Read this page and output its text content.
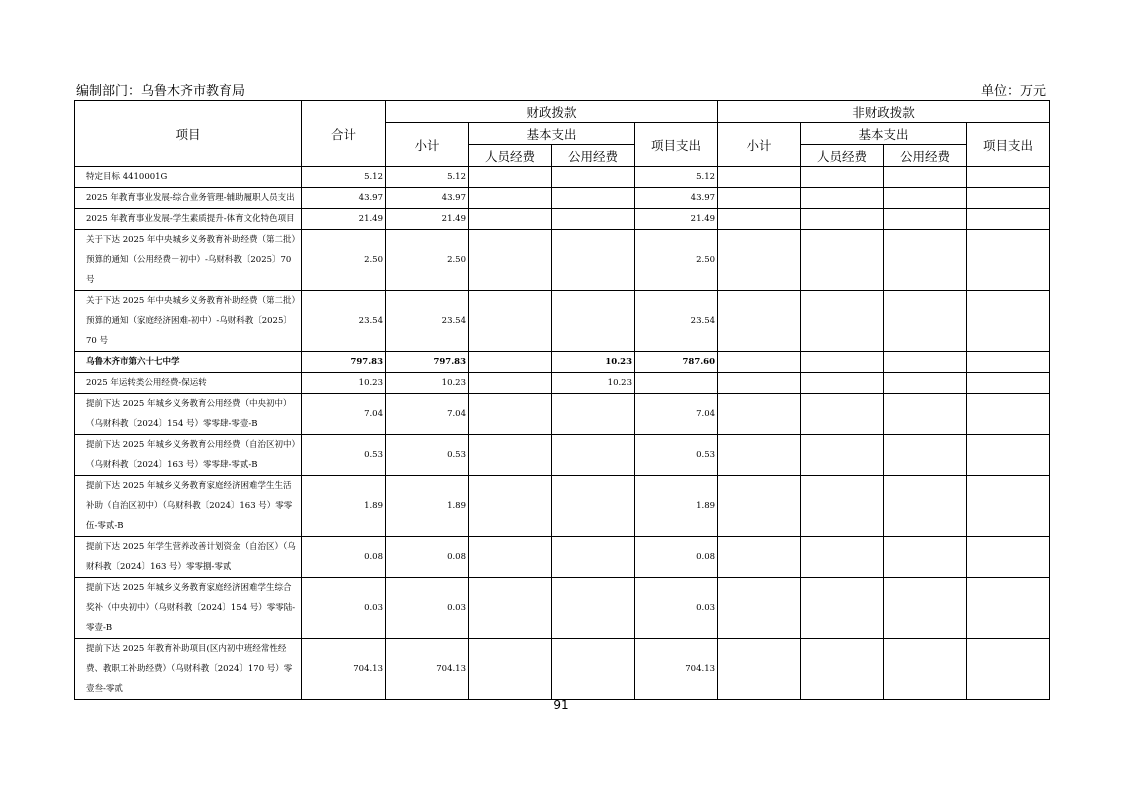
编制部门：乌鲁木齐市教育局	单位：万元
项目	合计	财政拨款				非财政拨款			
		小计	基本支出		项目支出	小计	基本支出		项目支出
			人员经费	公用经费			人员经费	公用经费	
特定目标 4410001G	5.12	5.12			5.12				
2025 年教育事业发展-综合业务管理-辅助履职人员支出	43.97	43.97			43.97				
2025 年教育事业发展-学生素质提升-体育文化特色项目	21.49	21.49			21.49				
关于下达 2025 年中央城乡义务教育补助经费（第二批）预算的通知（公用经费－初中）-乌财科教〔2025〕70 号	2.50	2.50			2.50				
关于下达 2025 年中央城乡义务教育补助经费（第二批）预算的通知（家庭经济困难-初中）-乌财科教〔2025〕70 号	23.54	23.54			23.54				
乌鲁木齐市第六十七中学	797.83	797.83		10.23	787.60				
2025 年运转类公用经费-保运转	10.23	10.23		10.23					
提前下达 2025 年城乡义务教育公用经费（中央初中）（乌财科教〔2024〕154 号）零零肆-零壹-B	7.04	7.04			7.04				
提前下达 2025 年城乡义务教育公用经费（自治区初中）（乌财科教〔2024〕163 号）零零肆-零贰-B	0.53	0.53			0.53				
提前下达 2025 年城乡义务教育家庭经济困难学生生活补助（自治区初中）（乌财科教〔2024〕163 号）零零伍-零贰-B	1.89	1.89			1.89				
提前下达 2025 年学生营养改善计划资金（自治区）（乌财科教〔2024〕163 号）零零捌-零贰	0.08	0.08			0.08				
提前下达 2025 年城乡义务教育家庭经济困难学生综合奖补（中央初中）（乌财科教〔2024〕154 号）零零陆-零壹-B	0.03	0.03			0.03				
提前下达 2025 年教育补助项目(区内初中班经常性经费、教职工补助经费）（乌财科教〔2024〕170 号）零壹叁-零贰	704.13	704.13			704.13				
91
